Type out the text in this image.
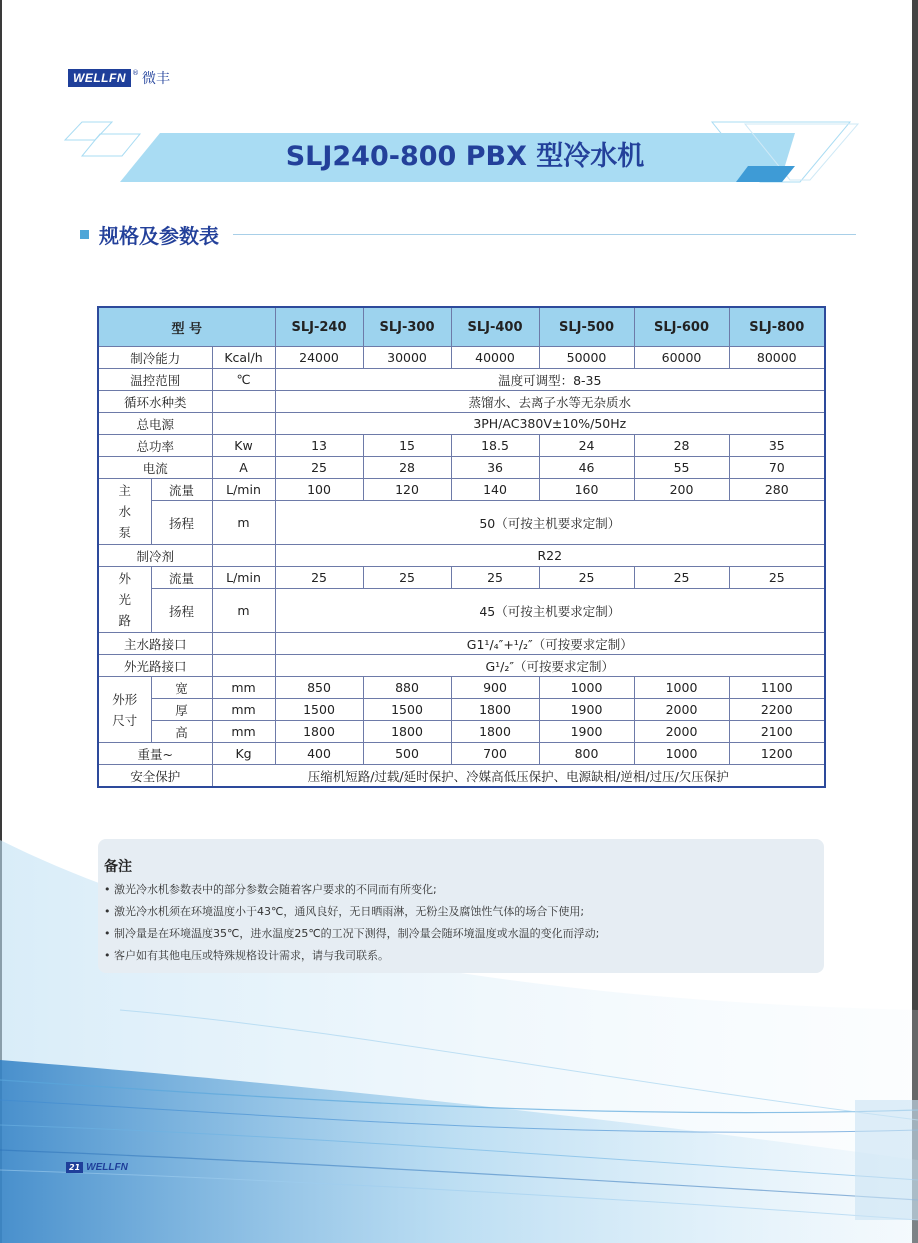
WELLFN ® 微丰
SLJ240-800 PBX 型冷水机
规格及参数表
型 号			SLJ-240	SLJ-300	SLJ-400	SLJ-500	SLJ-600	SLJ-800
制冷能力		Kcal/h	24000	30000	40000	50000	60000	80000
温控范围		℃	温度可调型：8-35					
循环水种类			蒸馏水、去离子水等无杂质水					
总电源			3PH/AC380V±10%/50Hz					
总功率		Kw	13	15	18.5	24	28	35
电流		A	25	28	36	46	55	70

主
水
泵	流量	L/min	100	120	140	160	200	280
	扬程	m	50（可按主机要求定制）					
制冷剂			R22					

外
光
路	流量	L/min	25	25	25	25	25	25
	扬程	m	45（可按主机要求定制）					
主水路接口			G1¹/₄″+¹/₂″（可按要求定制）					
外光路接口			G¹/₂″（可按要求定制）					

外形
尺寸	宽	mm	850	880	900	1000	1000	1100
	厚	mm	1500	1500	1800	1900	2000	2200
	高	mm	1800	1800	1800	1900	2000	2100
重量~		Kg	400	500	700	800	1000	1200
安全保护		压缩机短路/过载/延时保护、冷媒高低压保护、电源缺相/逆相/过压/欠压保护						
备注
• 激光冷水机参数表中的部分参数会随着客户要求的不同而有所变化;
• 激光冷水机须在环境温度小于43℃，通风良好，无日晒雨淋，无粉尘及腐蚀性气体的场合下使用;
• 制冷量是在环境温度35℃，进水温度25℃的工况下测得，制冷量会随环境温度或水温的变化而浮动;
• 客户如有其他电压或特殊规格设计需求，请与我司联系。
21 WELLFN
